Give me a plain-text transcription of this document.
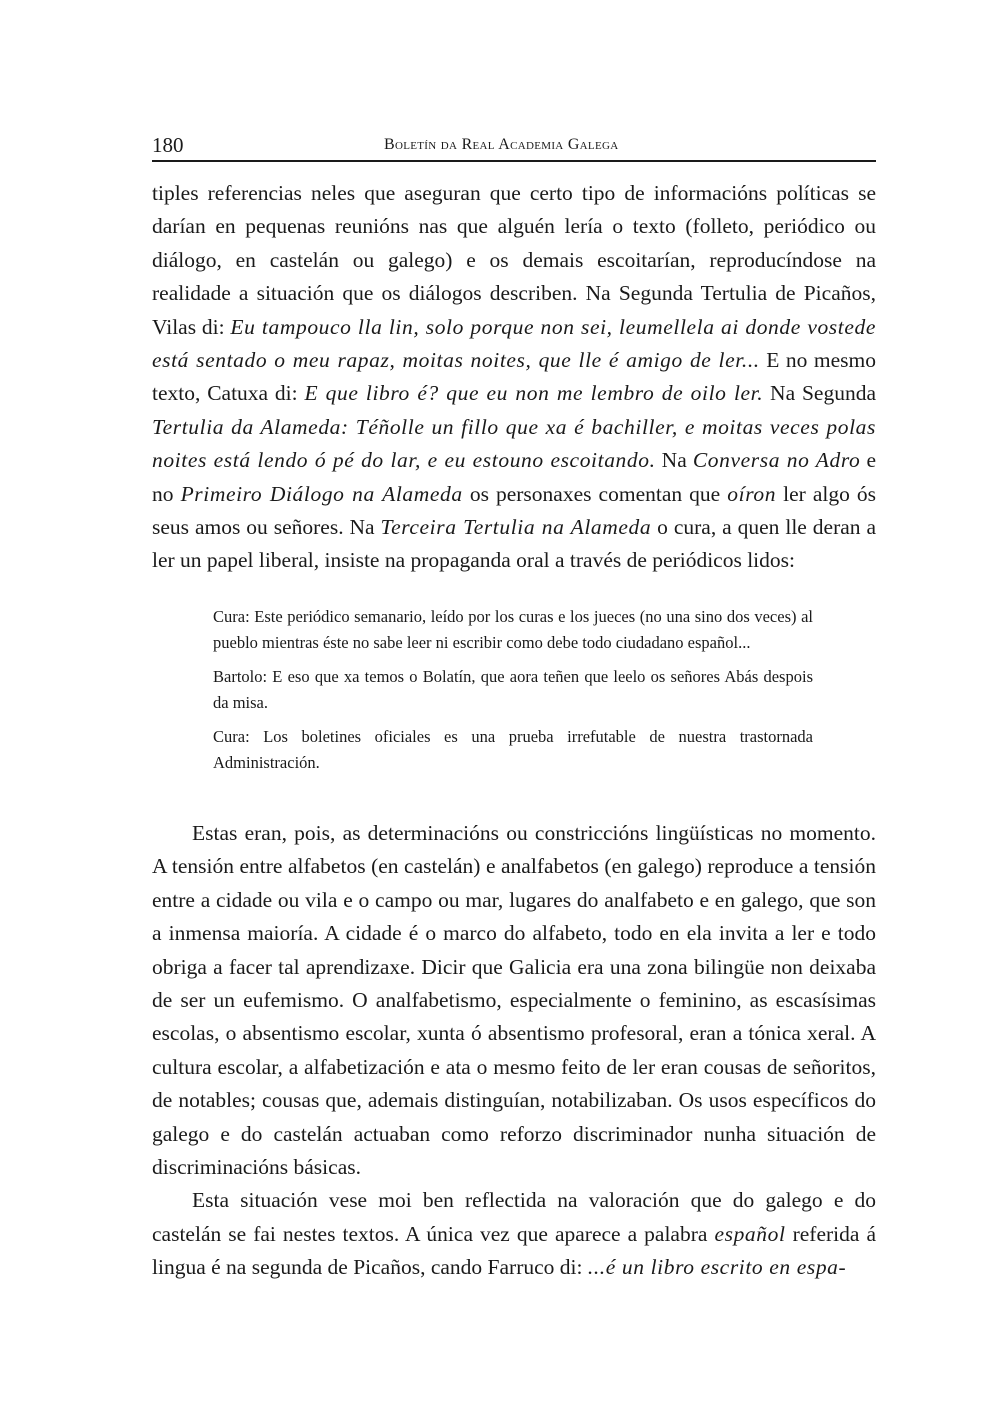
180	Boletín da Real Academia Galega

tiples referencias neles que aseguran que certo tipo de informacións políticas se darían en pequenas reunións nas que alguén lería o texto (folleto, periódico ou diálogo, en castelán ou galego) e os demais escoitarían, reproducíndose na realidade a situación que os diálogos describen. Na Segunda Tertulia de Picaños, Vilas di: Eu tampouco lla lin, solo porque non sei, leumellela ai donde vostede está sentado o meu rapaz, moitas noites, que lle é amigo de ler... E no mesmo texto, Catuxa di: E que libro é? que eu non me lembro de oilo ler. Na Segunda Tertulia da Alameda: Téñolle un fillo que xa é bachiller, e moitas veces polas noites está lendo ó pé do lar, e eu estouno escoitando. Na Conversa no Adro e no Primeiro Diálogo na Alameda os personaxes comentan que oíron ler algo ós seus amos ou señores. Na Terceira Tertulia na Alameda o cura, a quen lle deran a ler un papel liberal, insiste na propaganda oral a través de periódicos lidos:

Cura: Este periódico semanario, leído por los curas e los jueces (no una sino dos veces) al pueblo mientras éste no sabe leer ni escribir como debe todo ciudadano español...

Bartolo: E eso que xa temos o Bolatín, que aora teñen que leelo os señores Abás despois da misa.

Cura: Los boletines oficiales es una prueba irrefutable de nuestra trastornada Administración.

Estas eran, pois, as determinacións ou constriccións lingüísticas no momento. A tensión entre alfabetos (en castelán) e analfabetos (en galego) reproduce a tensión entre a cidade ou vila e o campo ou mar, lugares do analfabeto e en galego, que son a inmensa maioría. A cidade é o marco do alfabeto, todo en ela invita a ler e todo obriga a facer tal aprendizaxe. Dicir que Galicia era una zona bilingüe non deixaba de ser un eufemismo. O analfabetismo, especialmente o feminino, as escasísimas escolas, o absentismo escolar, xunta ó absentismo profesoral, eran a tónica xeral. A cultura escolar, a alfabetización e ata o mesmo feito de ler eran cousas de señoritos, de notables; cousas que, ademais distinguían, notabilizaban. Os usos específicos do galego e do castelán actuaban como reforzo discriminador nunha situación de discriminacións básicas.

Esta situación vese moi ben reflectida na valoración que do galego e do castelán se fai nestes textos. A única vez que aparece a palabra español referida á lingua é na segunda de Picaños, cando Farruco di: ...é un libro escrito en espa-
